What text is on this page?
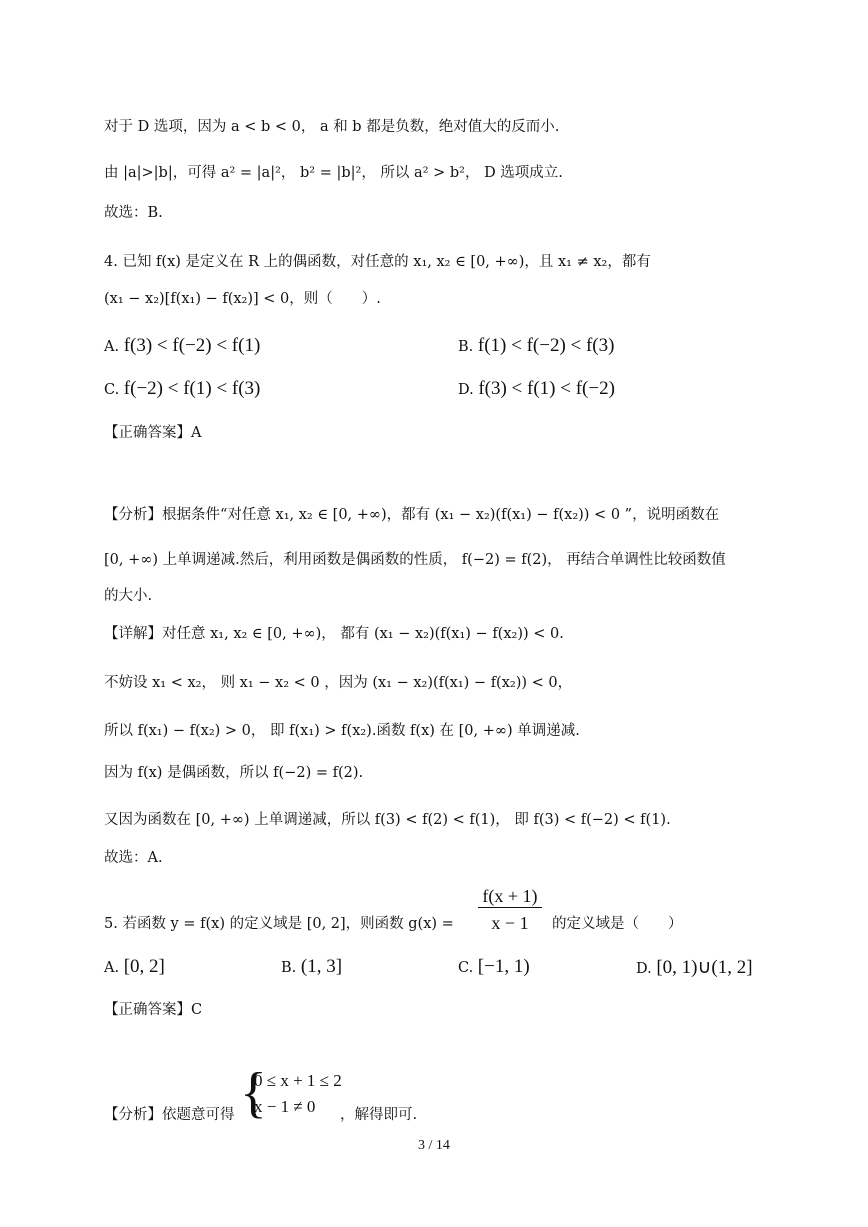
对于 D 选项，因为 a < b < 0， a 和 b 都是负数，绝对值大的反而小.
由 |a|>|b|，可得 a² = |a|²， b² = |b|²， 所以 a² > b²， D 选项成立.
故选：B.
4. 已知 f(x) 是定义在 R 上的偶函数，对任意的 x₁, x₂ ∈ [0, +∞)，且 x₁ ≠ x₂，都有
(x₁ − x₂)[f(x₁) − f(x₂)] < 0，则（　　）.
A. f(3) < f(−2) < f(1)	B. f(1) < f(−2) < f(3)
C. f(−2) < f(1) < f(3)	D. f(3) < f(1) < f(−2)
【正确答案】A
【分析】根据条件“对任意 x₁, x₂ ∈ [0, +∞)，都有 (x₁ − x₂)(f(x₁) − f(x₂)) < 0 ”，说明函数在
[0, +∞) 上单调递减.然后，利用函数是偶函数的性质， f(−2) = f(2)， 再结合单调性比较函数值
的大小.
【详解】对任意 x₁, x₂ ∈ [0, +∞)， 都有 (x₁ − x₂)(f(x₁) − f(x₂)) < 0.
不妨设 x₁ < x₂， 则 x₁ − x₂ < 0 ，因为 (x₁ − x₂)(f(x₁) − f(x₂)) < 0，
所以 f(x₁) − f(x₂) > 0， 即 f(x₁) > f(x₂).函数 f(x) 在 [0, +∞) 单调递减.
因为 f(x) 是偶函数，所以 f(−2) = f(2).
又因为函数在 [0, +∞) 上单调递减，所以 f(3) < f(2) < f(1)， 即 f(3) < f(−2) < f(1).
故选：A.
5. 若函数 y = f(x) 的定义域是 [0, 2]，则函数 g(x) =
f(x + 1)
x − 1	的定义域是（　　）
A. [0, 2]	B. (1, 3]	C. [−1, 1)	D. [0, 1)∪(1, 2]
【正确答案】C
【分析】依题意可得 {
0 ≤ x + 1 ≤ 2
x − 1 ≠ 0 ，解得即可.
3 / 14
